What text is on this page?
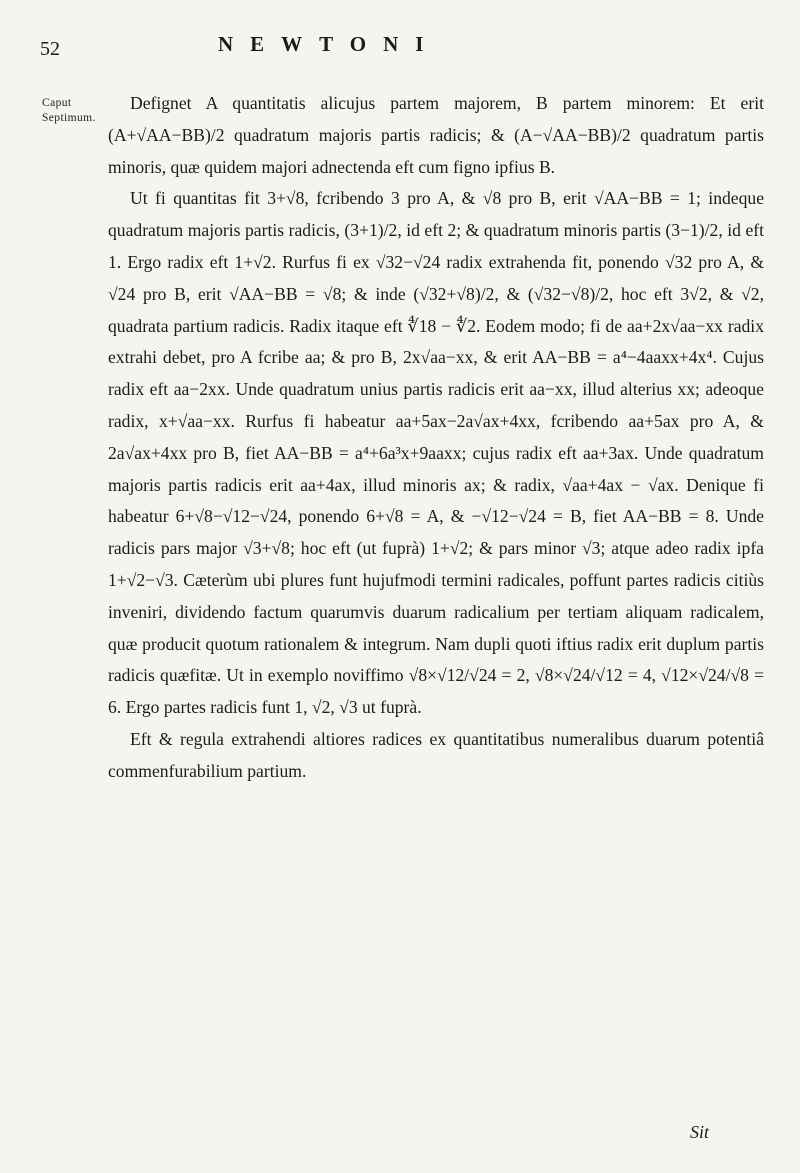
52	NEWTONI
Caput
Septimum.

Defignet A quantitatis alicujus partem majorem, B partem minorem: Et erit (A+√AA−BB)/2 quadratum majoris partis radicis; & (A−√AA−BB)/2 quadratum partis minoris, quæ quidem majori adnectenda eft cum figno ipfius B.

Ut fi quantitas fit 3+√8, fcribendo 3 pro A, & √8 pro B, erit √AA−BB = 1; indeque quadratum majoris partis radicis, (3+1)/2, id eft 2; & quadratum minoris partis (3−1)/2, id eft 1. Ergo radix eft 1+√2. Rurfus fi ex √32−√24 radix extrahenda fit, ponendo √32 pro A, & √24 pro B, erit √AA−BB = √8; & inde (√32+√8)/2, & (√32−√8)/2, hoc eft 3√2, & √2, quadrata partium radicis. Radix itaque eft ∜18 − ∜2. Eodem modo; fi de aa+2x√aa−xx radix extrahi debet, pro A fcribe aa; & pro B, 2x√aa−xx, & erit AA−BB = a⁴−4aaxx+4x⁴. Cujus radix eft aa−2xx. Unde quadratum unius partis radicis erit aa−xx, illud alterius xx; adeoque radix, x+√aa−xx. Rurfus fi habeatur aa+5ax−2a√ax+4xx, fcribendo aa+5ax pro A, & 2a√ax+4xx pro B, fiet AA−BB = a⁴+6a³x+9aaxx; cujus radix eft aa+3ax. Unde quadratum majoris partis radicis erit aa+4ax, illud minoris ax; & radix, √aa+4ax − √ax. Denique fi habeatur 6+√8−√12−√24, ponendo 6+√8 = A, & −√12−√24 = B, fiet AA−BB = 8. Unde radicis pars major √3+√8; hoc eft (ut fuprà) 1+√2; & pars minor √3; atque adeo radix ipfa 1+√2−√3. Cæterùm ubi plures funt hujufmodi termini radicales, poffunt partes radicis citiùs inveniri, dividendo factum quarumvis duarum radicalium per tertiam aliquam radicalem, quæ producit quotum rationalem & integrum. Nam dupli quoti iftius radix erit duplum partis radicis quæfitæ. Ut in exemplo noviffimo √8×√12/√24 = 2, √8×√24/√12 = 4, √12×√24/√8 = 6. Ergo partes radicis funt 1, √2, √3 ut fuprà.

Eft & regula extrahendi altiores radices ex quantitatibus numeralibus duarum potentiâ commenfurabilium partium.

Sit
